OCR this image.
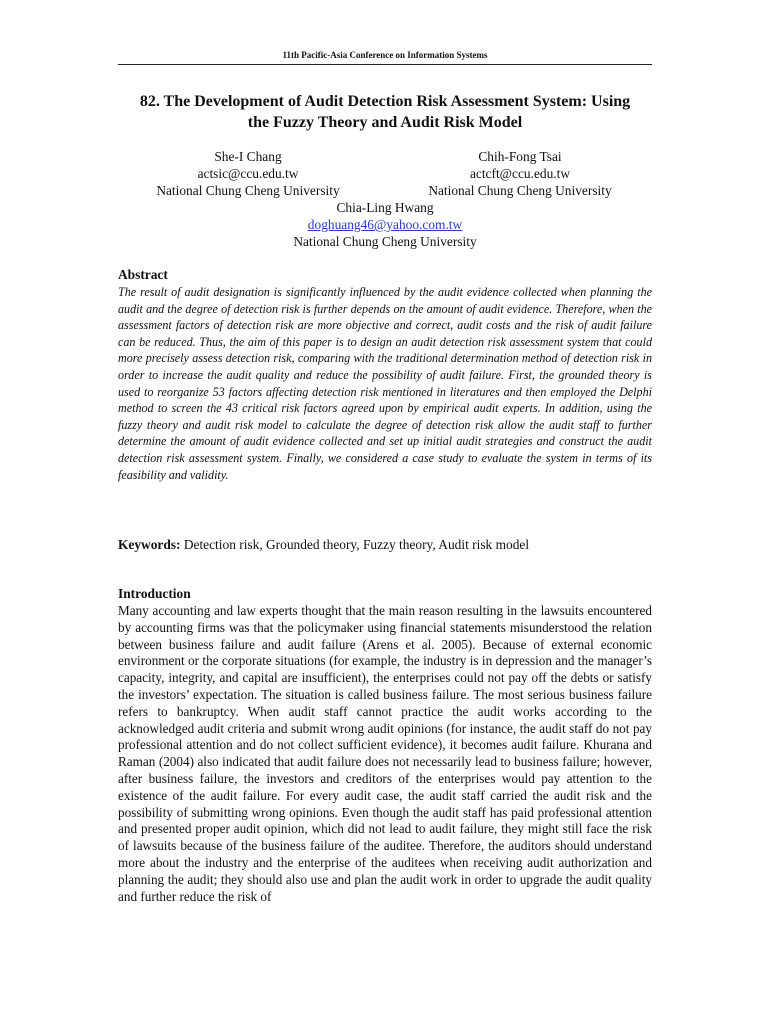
11th Pacific-Asia Conference on Information Systems
82. The Development of Audit Detection Risk Assessment System: Using
the Fuzzy Theory and Audit Risk Model
She-I Chang
actsic@ccu.edu.tw
National Chung Cheng University
Chih-Fong Tsai
actcft@ccu.edu.tw
National Chung Cheng University
Chia-Ling Hwang
doghuang46@yahoo.com.tw
National Chung Cheng University
Abstract
The result of audit designation is significantly influenced by the audit evidence collected when planning the audit and the degree of detection risk is further depends on the amount of audit evidence. Therefore, when the assessment factors of detection risk are more objective and correct, audit costs and the risk of audit failure can be reduced. Thus, the aim of this paper is to design an audit detection risk assessment system that could more precisely assess detection risk, comparing with the traditional determination method of detection risk in order to increase the audit quality and reduce the possibility of audit failure. First, the grounded theory is used to reorganize 53 factors affecting detection risk mentioned in literatures and then employed the Delphi method to screen the 43 critical risk factors agreed upon by empirical audit experts. In addition, using the fuzzy theory and audit risk model to calculate the degree of detection risk allow the audit staff to further determine the amount of audit evidence collected and set up initial audit strategies and construct the audit detection risk assessment system. Finally, we considered a case study to evaluate the system in terms of its feasibility and validity.
Keywords: Detection risk, Grounded theory, Fuzzy theory, Audit risk model
Introduction
Many accounting and law experts thought that the main reason resulting in the lawsuits encountered by accounting firms was that the policymaker using financial statements misunderstood the relation between business failure and audit failure (Arens et al. 2005). Because of external economic environment or the corporate situations (for example, the industry is in depression and the manager’s capacity, integrity, and capital are insufficient), the enterprises could not pay off the debts or satisfy the investors’ expectation. The situation is called business failure. The most serious business failure refers to bankruptcy. When audit staff cannot practice the audit works according to the acknowledged audit criteria and submit wrong audit opinions (for instance, the audit staff do not pay professional attention and do not collect sufficient evidence), it becomes audit failure. Khurana and Raman (2004) also indicated that audit failure does not necessarily lead to business failure; however, after business failure, the investors and creditors of the enterprises would pay attention to the existence of the audit failure. For every audit case, the audit staff carried the audit risk and the possibility of submitting wrong opinions. Even though the audit staff has paid professional attention and presented proper audit opinion, which did not lead to audit failure, they might still face the risk of lawsuits because of the business failure of the auditee. Therefore, the auditors should understand more about the industry and the enterprise of the auditees when receiving audit authorization and planning the audit; they should also use and plan the audit work in order to upgrade the audit quality and further reduce the risk of
